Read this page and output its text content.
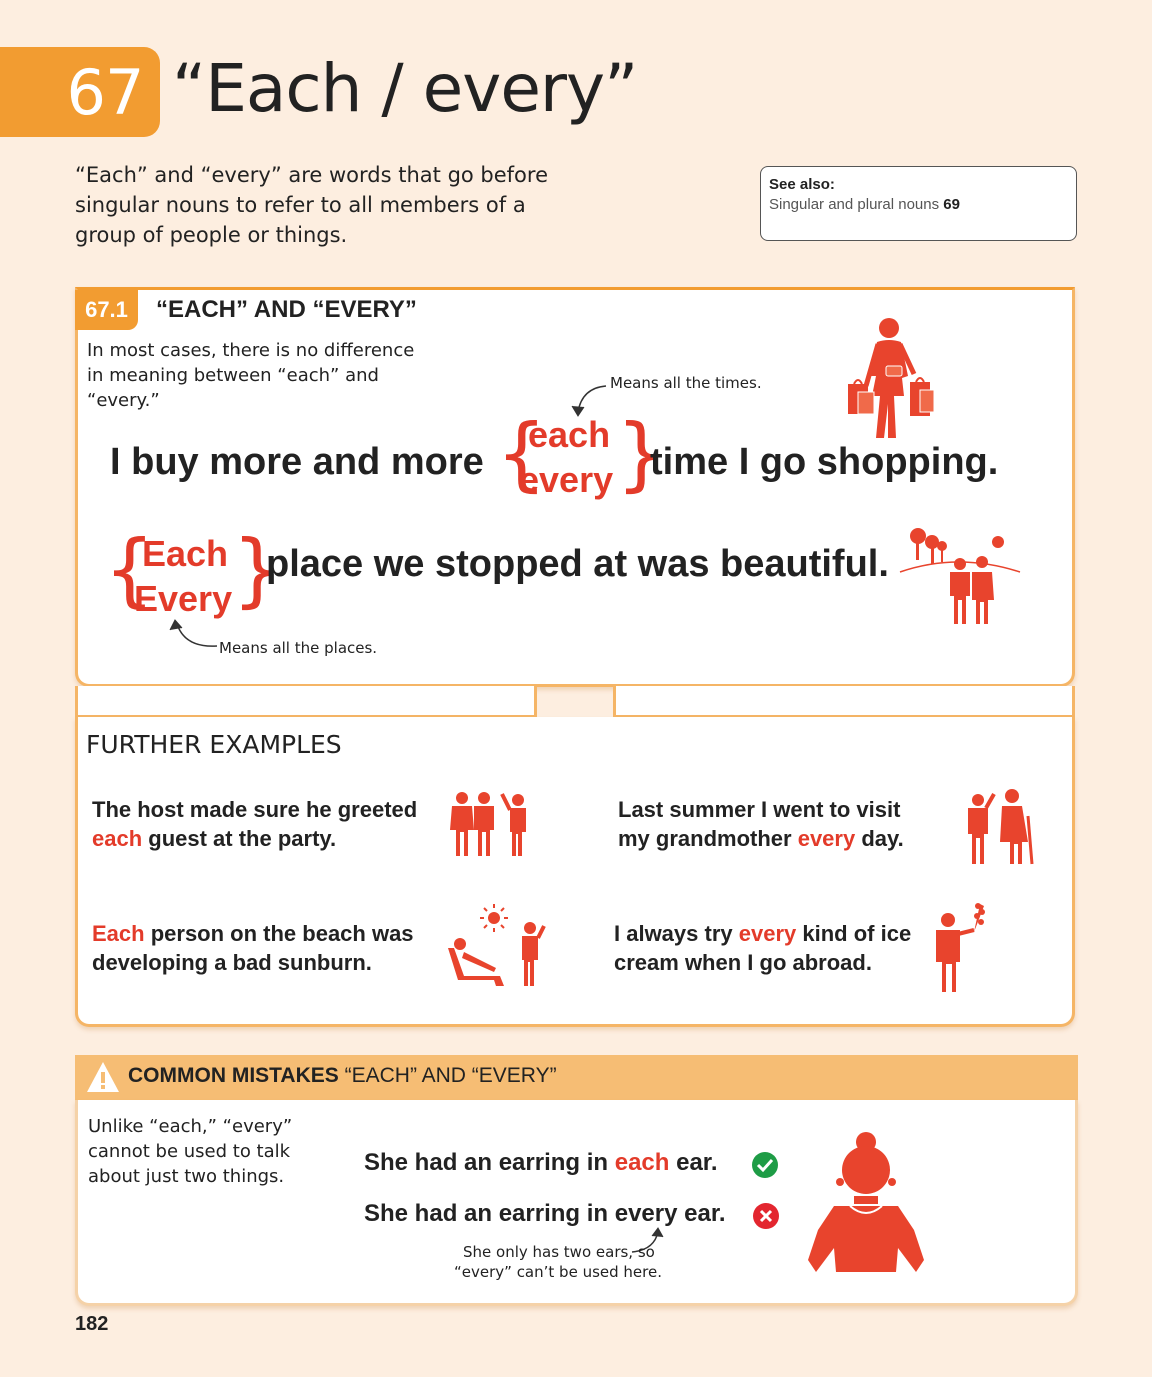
67 “Each / every”
“Each” and “every” are words that go before singular nouns to refer to all members of a group of people or things.
See also:
Singular and plural nouns 69
67.1	“EACH” AND “EVERY”
In most cases, there is no difference in meaning between “each” and “every.”
Means all the times.
I buy more and more {
each
every }
time I go shopping.
{
Each
Every }
place we stopped at was beautiful.
Means all the places.
FURTHER EXAMPLES
The host made sure he greeted each guest at the party.
Last summer I went to visit my grandmother every day.
Each person on the beach was developing a bad sunburn.
I always try every kind of ice cream when I go abroad.
COMMON MISTAKES “EACH” AND “EVERY”
Unlike “each,” “every” cannot be used to talk about just two things.
She had an earring in each ear.
She had an earring in every ear.
She only has two ears, so
“every” can’t be used here.
182
